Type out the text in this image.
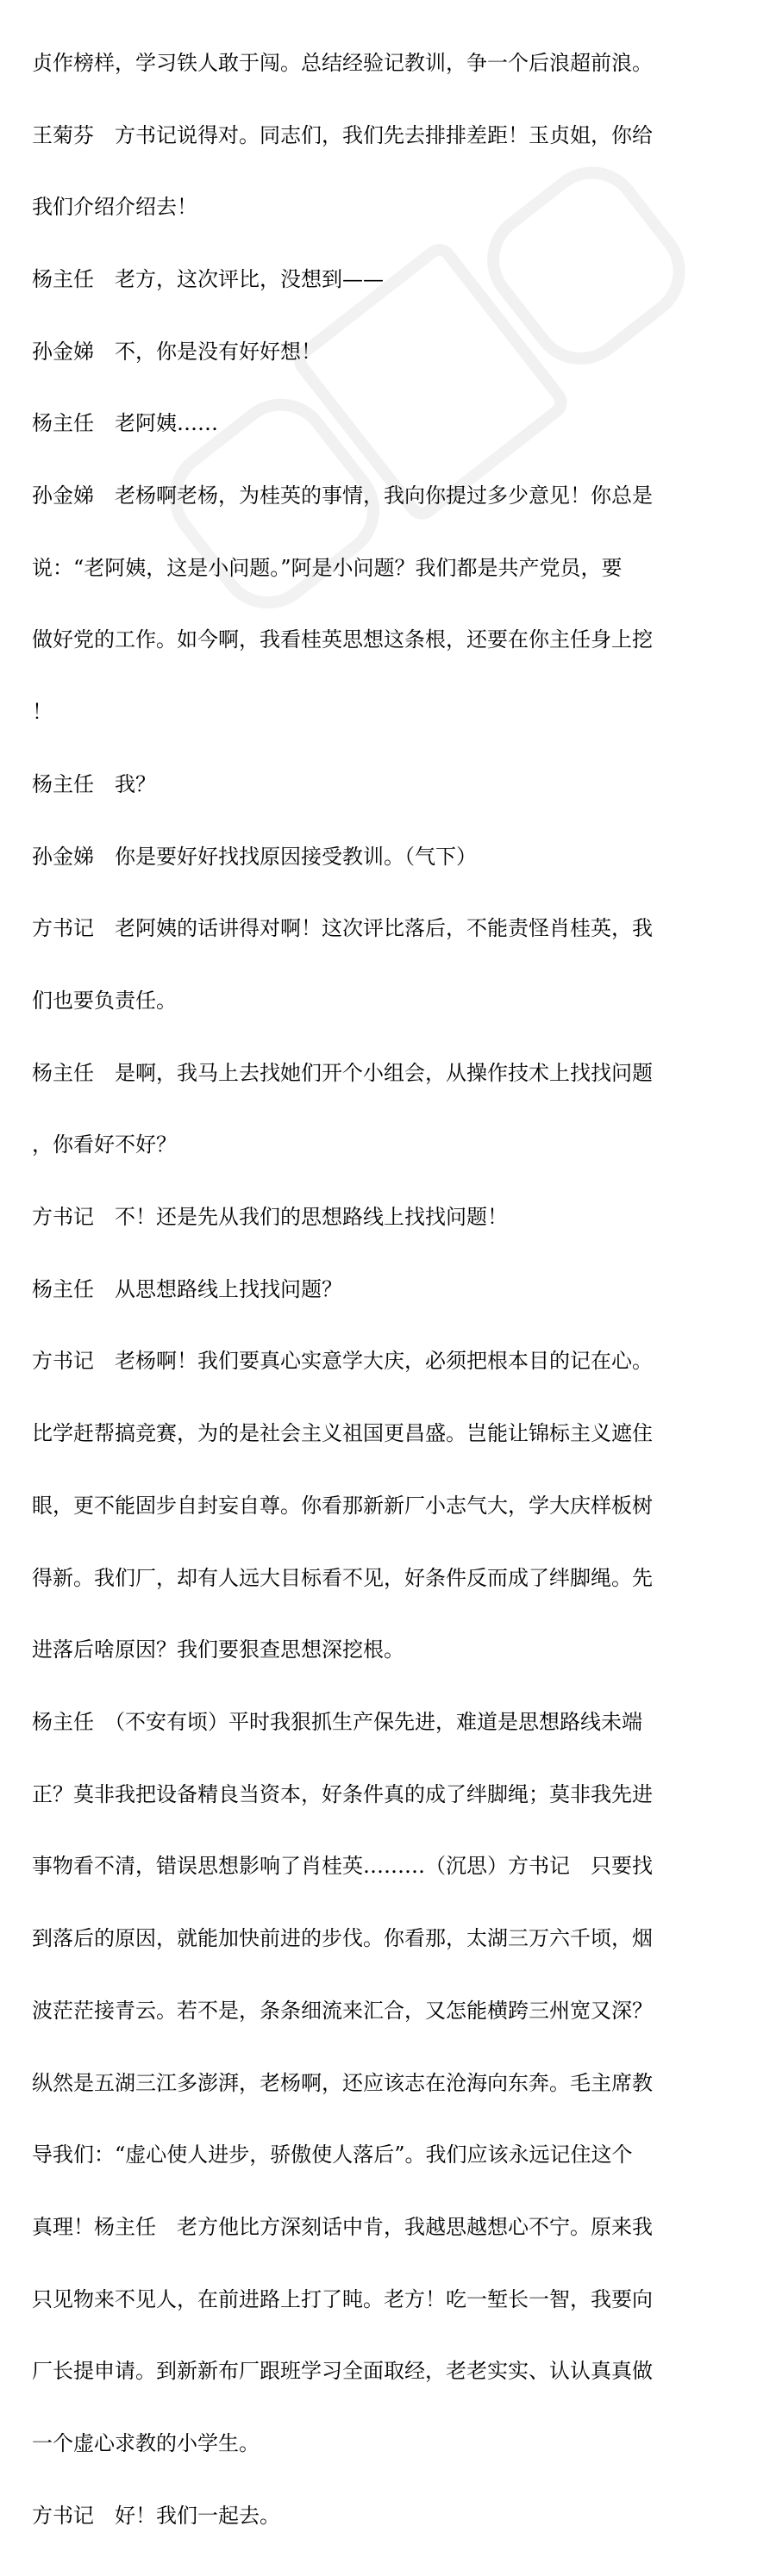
贞作榜样，学习铁人敢于闯。总结经验记教训，争一个后浪超前浪。

王菊芬　方书记说得对。同志们，我们先去排排差距！玉贞姐，你给

我们介绍介绍去！

杨主任　老方，这次评比，没想到——

孙金娣　不，你是没有好好想！

杨主任　老阿姨……

孙金娣　老杨啊老杨，为桂英的事情，我向你提过多少意见！你总是

说：“老阿姨，这是小问题。”阿是小问题？我们都是共产党员，要

做好党的工作。如今啊，我看桂英思想这条根，还要在你主任身上挖

！

杨主任　我？

孙金娣　你是要好好找找原因接受教训。（气下）

方书记　老阿姨的话讲得对啊！这次评比落后，不能责怪肖桂英，我

们也要负责任。

杨主任　是啊，我马上去找她们开个小组会，从操作技术上找找问题

，你看好不好？

方书记　不！还是先从我们的思想路线上找找问题！

杨主任　从思想路线上找找问题？

方书记　老杨啊！我们要真心实意学大庆，必须把根本目的记在心。

比学赶帮搞竞赛，为的是社会主义祖国更昌盛。岂能让锦标主义遮住

眼，更不能固步自封妄自尊。你看那新新厂小志气大，学大庆样板树

得新。我们厂，却有人远大目标看不见，好条件反而成了绊脚绳。先

进落后啥原因？我们要狠查思想深挖根。

杨主任　（不安有顷）平时我狠抓生产保先进，难道是思想路线未端

正？莫非我把设备精良当资本，好条件真的成了绊脚绳；莫非我先进

事物看不清，错误思想影响了肖桂英………（沉思）方书记　只要找

到落后的原因，就能加快前进的步伐。你看那，太湖三万六千顷，烟

波茫茫接青云。若不是，条条细流来汇合，又怎能横跨三州宽又深？

纵然是五湖三江多澎湃，老杨啊，还应该志在沧海向东奔。毛主席教

导我们：“虚心使人进步，骄傲使人落后”。我们应该永远记住这个

真理！杨主任　老方他比方深刻话中肯，我越思越想心不宁。原来我

只见物来不见人，在前进路上打了盹。老方！吃一堑长一智，我要向

厂长提申请。到新新布厂跟班学习全面取经，老老实实、认认真真做

一个虚心求教的小学生。

方书记　好！我们一起去。
